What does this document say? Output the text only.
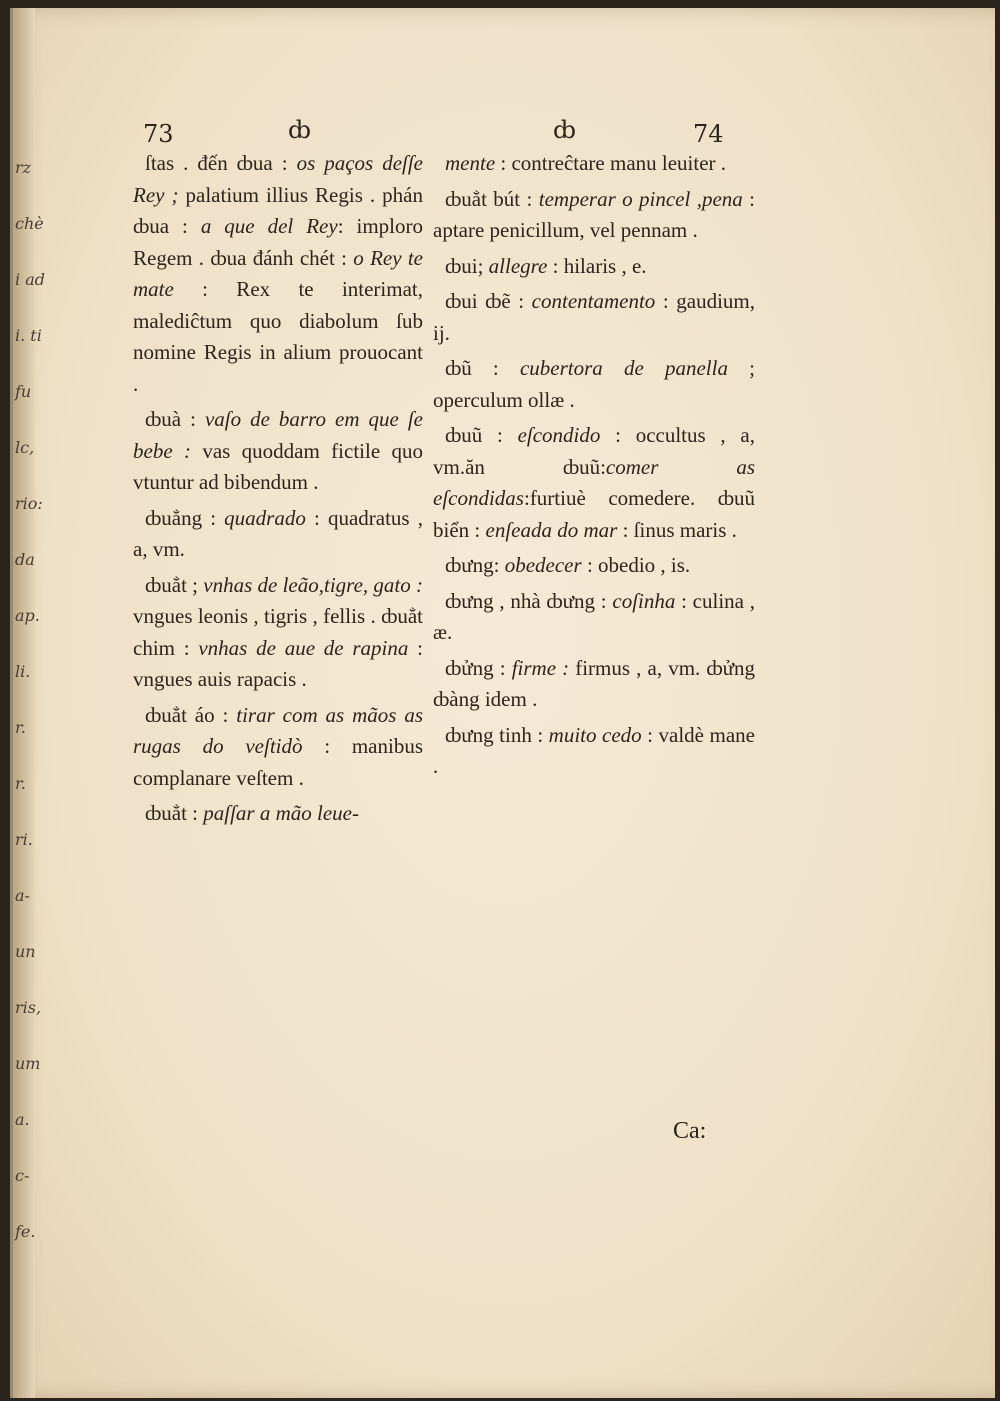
rz
chè
i ad
i. ti
fu
lc,
rio:
da
ap.
li.
r.
r.
ri.
a-
un
ris,
um
a.
c-
fe.
73	ȸ	ȸ	74

ſtas . đến ȸua : os paços deſſe Rey ; palatium illius Regis . phán ȸua : a que del Rey: imploro Regem . ȸua đánh chét : o Rey te mate : Rex te interimat, malediĉtum quo diabolum ſub nomine Regis in alium prouocant .

ȸuà : vaſo de barro em que ſe bebe : vas quoddam fictile quo vtuntur ad bibendum .

ȸuẳng : quadrado : quadratus , a, vm.

ȸuẳt ; vnhas de leão,tigre, gato : vngues leonis , tigris , fellis . ȸuẳt chim : vnhas de aue de rapina : vngues auis rapacis .

ȸuẳt áo : tirar com as mãos as rugas do veſtidò : manibus complanare veſtem .

ȸuẳt : paſſar a mão leue-

mente : contreĉtare manu leuiter .

ȸuẳt bút : temperar o pincel ,pena : aptare penicillum, vel pennam .

ȸui; allegre : hilaris , e.

ȸui ȸẽ : contentamento : gaudium, ij.

ȸũ : cubertora de panella ; operculum ollæ .

ȸuũ : eſcondido : occultus , a, vm.ăn ȸuũ:comer as eſcondidas:furtiuè comedere. ȸuũ biển : enſeada do mar : ſinus maris .

ȸưng: obedecer : obedio , is.

ȸưng , nhà ȸưng : coſinha : culina , æ.

ȸửng : firme : firmus , a, vm. ȸửng ȸàng idem .

ȸưng tinh : muito cedo : valdè mane .

Ca:
